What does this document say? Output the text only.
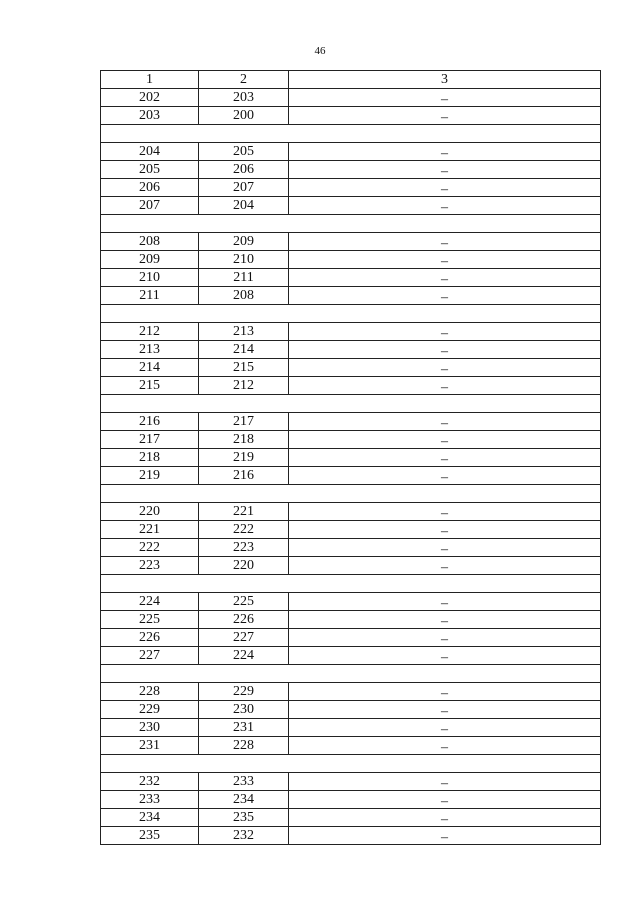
46
1	2	3
202	203	–
203	200	–

204	205	–
205	206	–
206	207	–
207	204	–

208	209	–
209	210	–
210	211	–
211	208	–

212	213	–
213	214	–
214	215	–
215	212	–

216	217	–
217	218	–
218	219	–
219	216	–

220	221	–
221	222	–
222	223	–
223	220	–

224	225	–
225	226	–
226	227	–
227	224	–

228	229	–
229	230	–
230	231	–
231	228	–

232	233	–
233	234	–
234	235	–
235	232	–
